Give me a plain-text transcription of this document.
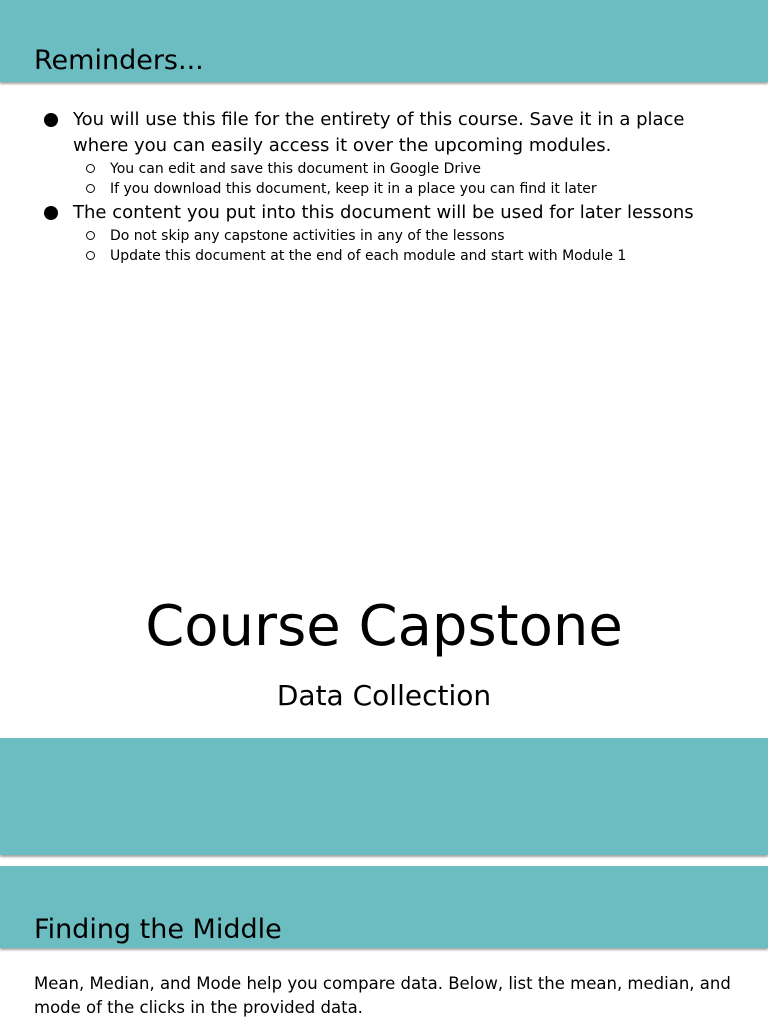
Reminders...
You will use this file for the entirety of this course. Save it in a place where you can easily access it over the upcoming modules.
You can edit and save this document in Google Drive
If you download this document, keep it in a place you can find it later
The content you put into this document will be used for later lessons
Do not skip any capstone activities in any of the lessons
Update this document at the end of each module and start with Module 1
Course Capstone
Data Collection
Finding the Middle

Mean, Median, and Mode help you compare data. Below, list the mean, median, and mode of the clicks in the provided data.
